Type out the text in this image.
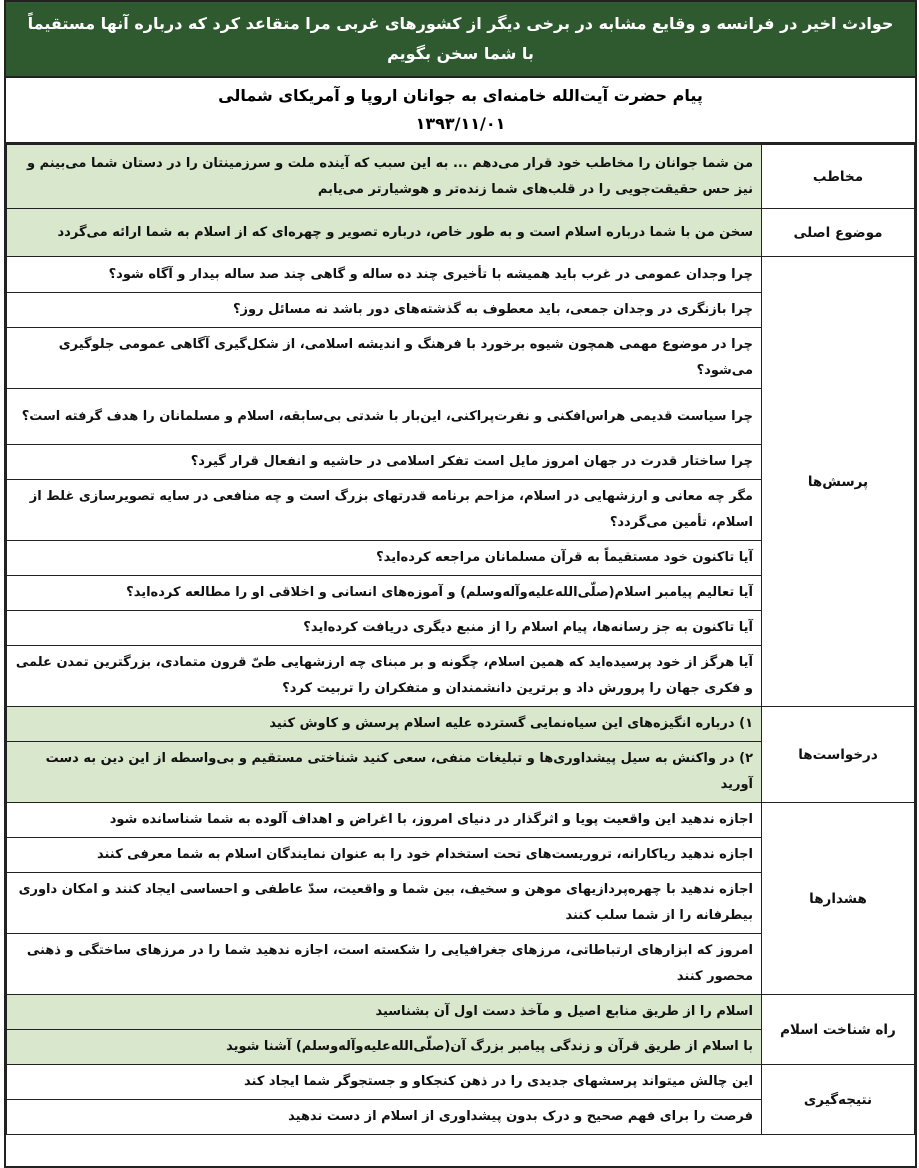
حوادث اخیر در فرانسه و وقایع مشابه در برخی دیگر از کشورهای غربی مرا متقاعد کرد که درباره آنها مستقیماً
با شما سخن بگویم
پیام حضرت آیت‌الله خامنه‌ای به جوانان اروپا و آمریکای شمالی
۱۳۹۳/۱۱/۰۱
مخاطب	من شما جوانان را مخاطب خود قرار می‌دهم ... به این سبب که آینده ملت و سرزمینتان را در دستان شما می‌بینم و نیز حس حقیقت‌جویی را در قلب‌های شما زنده‌تر و هوشیارتر می‌یابم
موضوع اصلی	سخن من با شما درباره اسلام است و به طور خاص، درباره تصویر و چهره‌ای که از اسلام به شما ارائه می‌گردد
پرسش‌ها	چرا وجدان عمومی در غرب باید همیشه با تأخیری چند ده ساله و گاهی چند صد ساله بیدار و آگاه شود؟
	چرا بازنگری در وجدان جمعی، باید معطوف به گذشته‌های دور باشد نه مسائل روز؟
	چرا در موضوع مهمی همچون شیوه برخورد با فرهنگ و اندیشه اسلامی، از شکل‌گیری آگاهی عمومی جلوگیری می‌شود؟
	چرا سیاست قدیمی هراس‌افکنی و نفرت‌پراکنی، این‌بار با شدتی بی‌سابقه، اسلام و مسلمانان را هدف گرفته است؟
	چرا ساختار قدرت در جهان امروز مایل است تفکر اسلامی در حاشیه و انفعال قرار گیرد؟
	مگر چه معانی و ارزشهایی در اسلام، مزاحم برنامه قدرتهای بزرگ است و چه منافعی در سایه تصویرسازی غلط از اسلام، تأمین می‌گردد؟
	آیا تاکنون خود مستقیماً به قرآن مسلمانان مراجعه کرده‌اید؟
	آیا تعالیم پیامبر اسلام(صلّی‌الله‌علیه‌وآله‌وسلم) و آموزه‌های انسانی و اخلاقی او را مطالعه کرده‌اید؟
	آیا تاکنون به جز رسانه‌ها، پیام اسلام را از منبع دیگری دریافت کرده‌اید؟
	آیا هرگز از خود پرسیده‌اید که همین اسلام، چگونه و بر مبنای چه ارزشهایی طیّ قرون متمادی، بزرگترین تمدن علمی و فکری جهان را پرورش داد و برترین دانشمندان و متفکران را تربیت کرد؟
درخواست‌ها	۱) درباره انگیزه‌های این سیاه‌نمایی گسترده علیه اسلام پرسش و کاوش کنید
	۲) در واکنش به سیل پیشداوری‌ها و تبلیغات منفی، سعی کنید شناختی مستقیم و بی‌واسطه از این دین به دست آورید
هشدارها	اجازه ندهید این واقعیت پویا و اثرگذار در دنیای امروز، با اغراض و اهداف آلوده به شما شناسانده شود
	اجازه ندهید ریاکارانه، تروریست‌های تحت استخدام خود را به عنوان نمایندگان اسلام به شما معرفی کنند
	اجازه ندهید با چهره‌پردازیهای موهن و سخیف، بین شما و واقعیت، سدّ عاطفی و احساسی ایجاد کنند و امکان داوری بیطرفانه را از شما سلب کنند
	امروز که ابزارهای ارتباطاتی، مرزهای جغرافیایی را شکسته است، اجازه ندهید شما را در مرزهای ساختگی و ذهنی محصور کنند
راه شناخت اسلام	اسلام را از طریق منابع اصیل و مآخذ دست اول آن بشناسید
	با اسلام از طریق قرآن و زندگی پیامبر بزرگ آن(صلّی‌الله‌علیه‌وآله‌وسلم) آشنا شوید
نتیجه‌گیری	این چالش میتواند پرسشهای جدیدی را در ذهن کنجکاو و جستجوگر شما ایجاد کند
	فرصت را برای فهم صحیح و درک بدون پیشداوری از اسلام از دست ندهید
